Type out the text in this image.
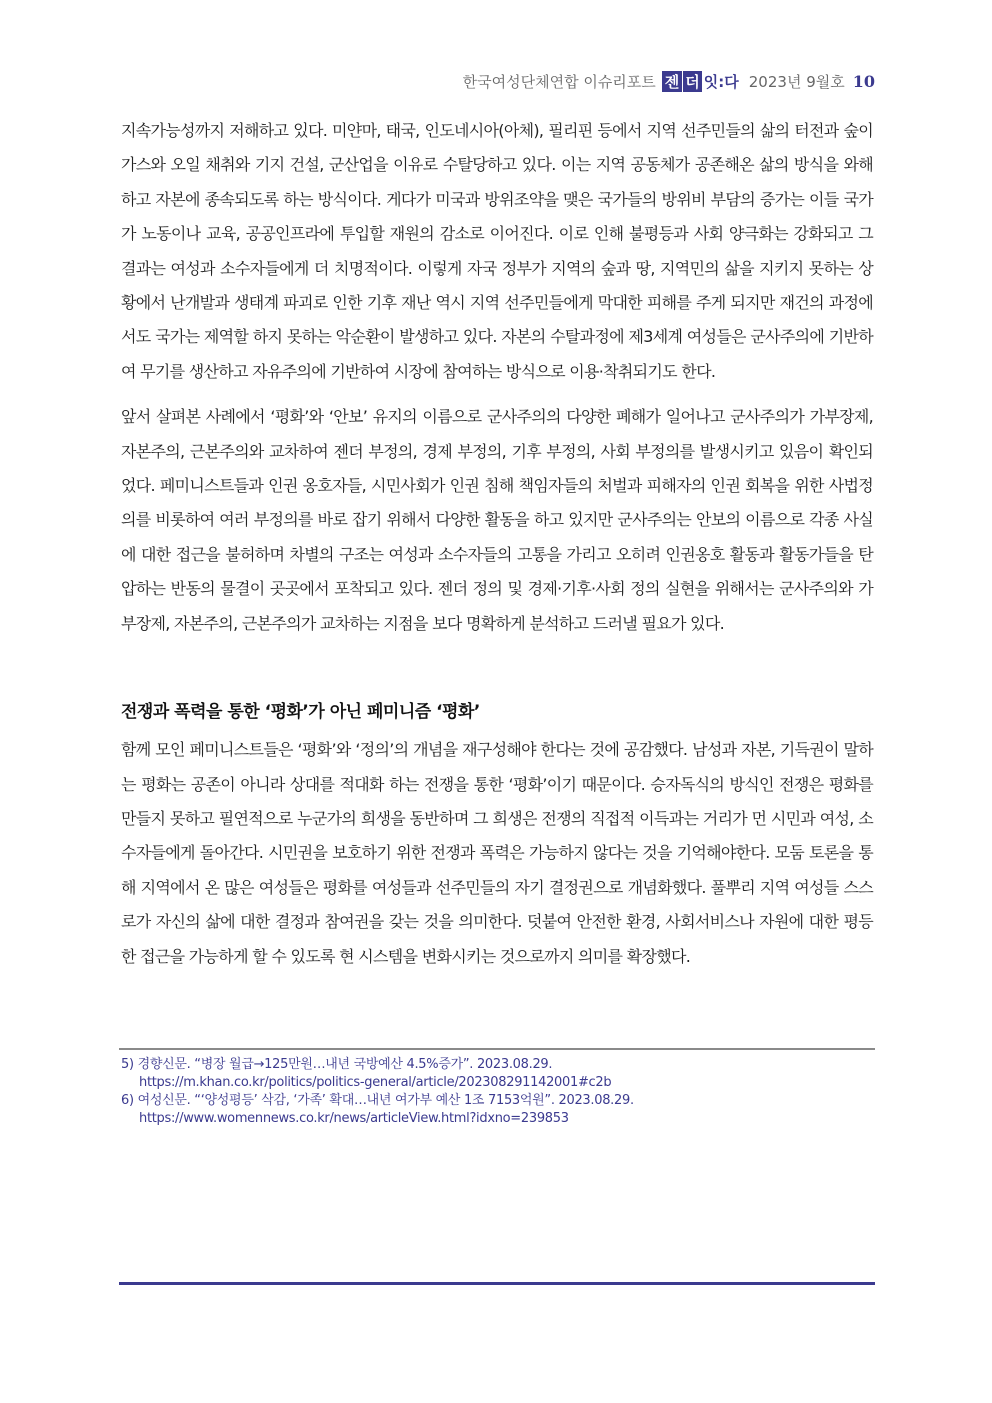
한국여성단체연합 이슈리포트 젠 더 잇:다 2023년 9월호 10

지속가능성까지 저해하고 있다. 미얀마, 태국, 인도네시아(아체), 필리핀 등에서 지역 선주민들의 삶의 터전과 숲이 가스와 오일 채취와 기지 건설, 군산업을 이유로 수탈당하고 있다. 이는 지역 공동체가 공존해온 삶의 방식을 와해하고 자본에 종속되도록 하는 방식이다. 게다가 미국과 방위조약을 맺은 국가들의 방위비 부담의 증가는 이들 국가가 노동이나 교육, 공공인프라에 투입할 재원의 감소로 이어진다. 이로 인해 불평등과 사회 양극화는 강화되고 그 결과는 여성과 소수자들에게 더 치명적이다. 이렇게 자국 정부가 지역의 숲과 땅, 지역민의 삶을 지키지 못하는 상황에서 난개발과 생태계 파괴로 인한 기후 재난 역시 지역 선주민들에게 막대한 피해를 주게 되지만 재건의 과정에서도 국가는 제역할 하지 못하는 악순환이 발생하고 있다. 자본의 수탈과정에 제3세계 여성들은 군사주의에 기반하여 무기를 생산하고 자유주의에 기반하여 시장에 참여하는 방식으로 이용·착취되기도 한다.

앞서 살펴본 사례에서 ‘평화’와 ‘안보’ 유지의 이름으로 군사주의의 다양한 폐해가 일어나고 군사주의가 가부장제, 자본주의, 근본주의와 교차하여 젠더 부정의, 경제 부정의, 기후 부정의, 사회 부정의를 발생시키고 있음이 확인되었다. 페미니스트들과 인권 옹호자들, 시민사회가 인권 침해 책임자들의 처벌과 피해자의 인권 회복을 위한 사법정의를 비롯하여 여러 부정의를 바로 잡기 위해서 다양한 활동을 하고 있지만 군사주의는 안보의 이름으로 각종 사실에 대한 접근을 불허하며 차별의 구조는 여성과 소수자들의 고통을 가리고 오히려 인권옹호 활동과 활동가들을 탄압하는 반동의 물결이 곳곳에서 포착되고 있다. 젠더 정의 및 경제·기후·사회 정의 실현을 위해서는 군사주의와 가부장제, 자본주의, 근본주의가 교차하는 지점을 보다 명확하게 분석하고 드러낼 필요가 있다.

전쟁과 폭력을 통한 ‘평화’가 아닌 페미니즘 ‘평화’

함께 모인 페미니스트들은 ‘평화’와 ‘정의’의 개념을 재구성해야 한다는 것에 공감했다. 남성과 자본, 기득권이 말하는 평화는 공존이 아니라 상대를 적대화 하는 전쟁을 통한 ‘평화’이기 때문이다. 승자독식의 방식인 전쟁은 평화를 만들지 못하고 필연적으로 누군가의 희생을 동반하며 그 희생은 전쟁의 직접적 이득과는 거리가 먼 시민과 여성, 소수자들에게 돌아간다. 시민권을 보호하기 위한 전쟁과 폭력은 가능하지 않다는 것을 기억해야한다. 모둠 토론을 통해 지역에서 온 많은 여성들은 평화를 여성들과 선주민들의 자기 결정권으로 개념화했다. 풀뿌리 지역 여성들 스스로가 자신의 삶에 대한 결정과 참여권을 갖는 것을 의미한다. 덧붙여 안전한 환경, 사회서비스나 자원에 대한 평등한 접근을 가능하게 할 수 있도록 현 시스템을 변화시키는 것으로까지 의미를 확장했다.

5) 경향신문. “병장 월급→125만원…내년 국방예산 4.5%증가”. 2023.08.29.
https://m.khan.co.kr/politics/politics-general/article/202308291142001#c2b
6) 여성신문. “‘양성평등’ 삭감, ‘가족’ 확대…내년 여가부 예산 1조 7153억원”. 2023.08.29.
https://www.womennews.co.kr/news/articleView.html?idxno=239853
